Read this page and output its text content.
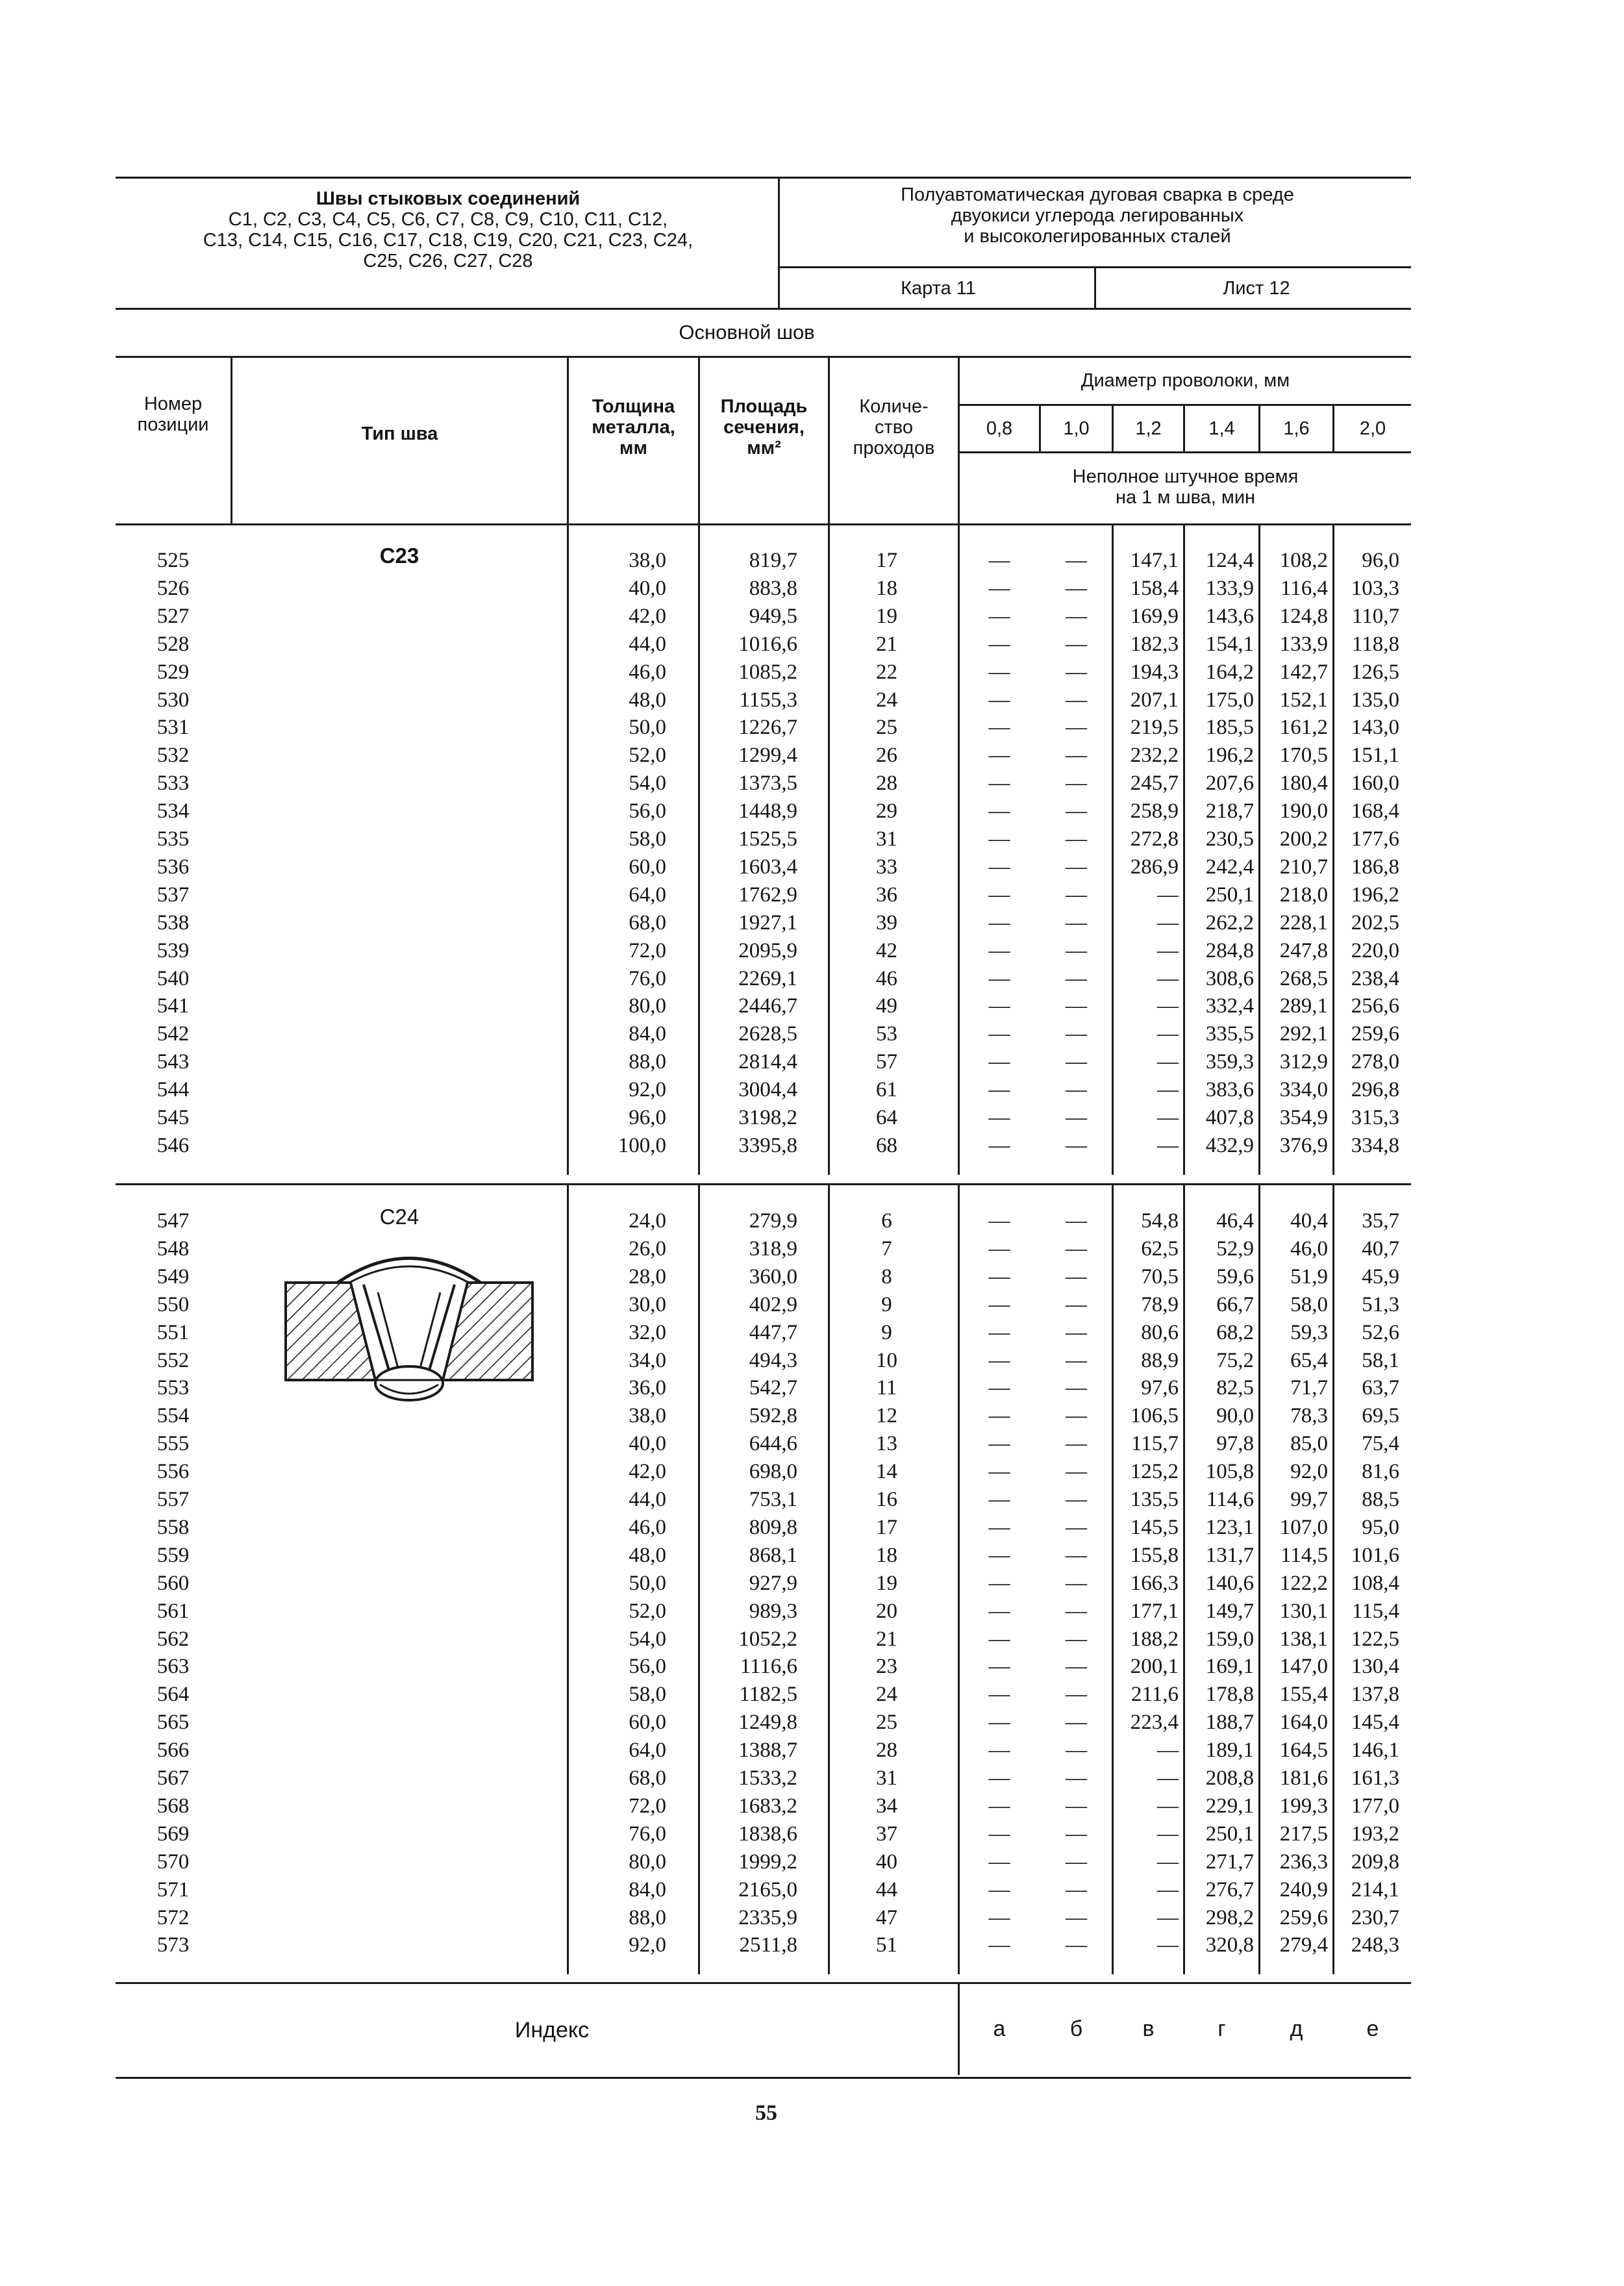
Швы стыковых соединений
С1, С2, С3, С4, С5, С6, С7, С8, С9, С10, С11, С12,
С13, С14, С15, С16, С17, С18, С19, С20, С21, С23, С24,
С25, С26, С27, С28
Полуавтоматическая дуговая сварка в среде
двуокиси углерода легированных
и высоколегированных сталей
Карта 11	Лист 12
Основной шов
Номер
позиции	Тип шва
Толщина
металла,
мм
Площадь
сечения,
мм²
Количе-
ство
проходов
Диаметр проволоки, мм
0,8	1,0	1,2	1,4	1,6	2,0
Неполное штучное время
на 1 м шва, мин
С23
С24
525	38,0	819,7	17	—	—	147,1	124,4	108,2	96,0
526	40,0	883,8	18	—	—	158,4	133,9	116,4	103,3
527	42,0	949,5	19	—	—	169,9	143,6	124,8	110,7
528	44,0	1016,6	21	—	—	182,3	154,1	133,9	118,8
529	46,0	1085,2	22	—	—	194,3	164,2	142,7	126,5
530	48,0	1155,3	24	—	—	207,1	175,0	152,1	135,0
531	50,0	1226,7	25	—	—	219,5	185,5	161,2	143,0
532	52,0	1299,4	26	—	—	232,2	196,2	170,5	151,1
533	54,0	1373,5	28	—	—	245,7	207,6	180,4	160,0
534	56,0	1448,9	29	—	—	258,9	218,7	190,0	168,4
535	58,0	1525,5	31	—	—	272,8	230,5	200,2	177,6
536	60,0	1603,4	33	—	—	286,9	242,4	210,7	186,8
537	64,0	1762,9	36	—	—	—	250,1	218,0	196,2
538	68,0	1927,1	39	—	—	—	262,2	228,1	202,5
539	72,0	2095,9	42	—	—	—	284,8	247,8	220,0
540	76,0	2269,1	46	—	—	—	308,6	268,5	238,4
541	80,0	2446,7	49	—	—	—	332,4	289,1	256,6
542	84,0	2628,5	53	—	—	—	335,5	292,1	259,6
543	88,0	2814,4	57	—	—	—	359,3	312,9	278,0
544	92,0	3004,4	61	—	—	—	383,6	334,0	296,8
545	96,0	3198,2	64	—	—	—	407,8	354,9	315,3
546	100,0	3395,8	68	—	—	—	432,9	376,9	334,8
547	24,0	279,9	6	—	—	54,8	46,4	40,4	35,7
548	26,0	318,9	7	—	—	62,5	52,9	46,0	40,7
549	28,0	360,0	8	—	—	70,5	59,6	51,9	45,9
550	30,0	402,9	9	—	—	78,9	66,7	58,0	51,3
551	32,0	447,7	9	—	—	80,6	68,2	59,3	52,6
552	34,0	494,3	10	—	—	88,9	75,2	65,4	58,1
553	36,0	542,7	11	—	—	97,6	82,5	71,7	63,7
554	38,0	592,8	12	—	—	106,5	90,0	78,3	69,5
555	40,0	644,6	13	—	—	115,7	97,8	85,0	75,4
556	42,0	698,0	14	—	—	125,2	105,8	92,0	81,6
557	44,0	753,1	16	—	—	135,5	114,6	99,7	88,5
558	46,0	809,8	17	—	—	145,5	123,1	107,0	95,0
559	48,0	868,1	18	—	—	155,8	131,7	114,5	101,6
560	50,0	927,9	19	—	—	166,3	140,6	122,2	108,4
561	52,0	989,3	20	—	—	177,1	149,7	130,1	115,4
562	54,0	1052,2	21	—	—	188,2	159,0	138,1	122,5
563	56,0	1116,6	23	—	—	200,1	169,1	147,0	130,4
564	58,0	1182,5	24	—	—	211,6	178,8	155,4	137,8
565	60,0	1249,8	25	—	—	223,4	188,7	164,0	145,4
566	64,0	1388,7	28	—	—	—	189,1	164,5	146,1
567	68,0	1533,2	31	—	—	—	208,8	181,6	161,3
568	72,0	1683,2	34	—	—	—	229,1	199,3	177,0
569	76,0	1838,6	37	—	—	—	250,1	217,5	193,2
570	80,0	1999,2	40	—	—	—	271,7	236,3	209,8
571	84,0	2165,0	44	—	—	—	276,7	240,9	214,1
572	88,0	2335,9	47	—	—	—	298,2	259,6	230,7
573	92,0	2511,8	51	—	—	—	320,8	279,4	248,3
Индекс	а	б	в	г	д	е
55
